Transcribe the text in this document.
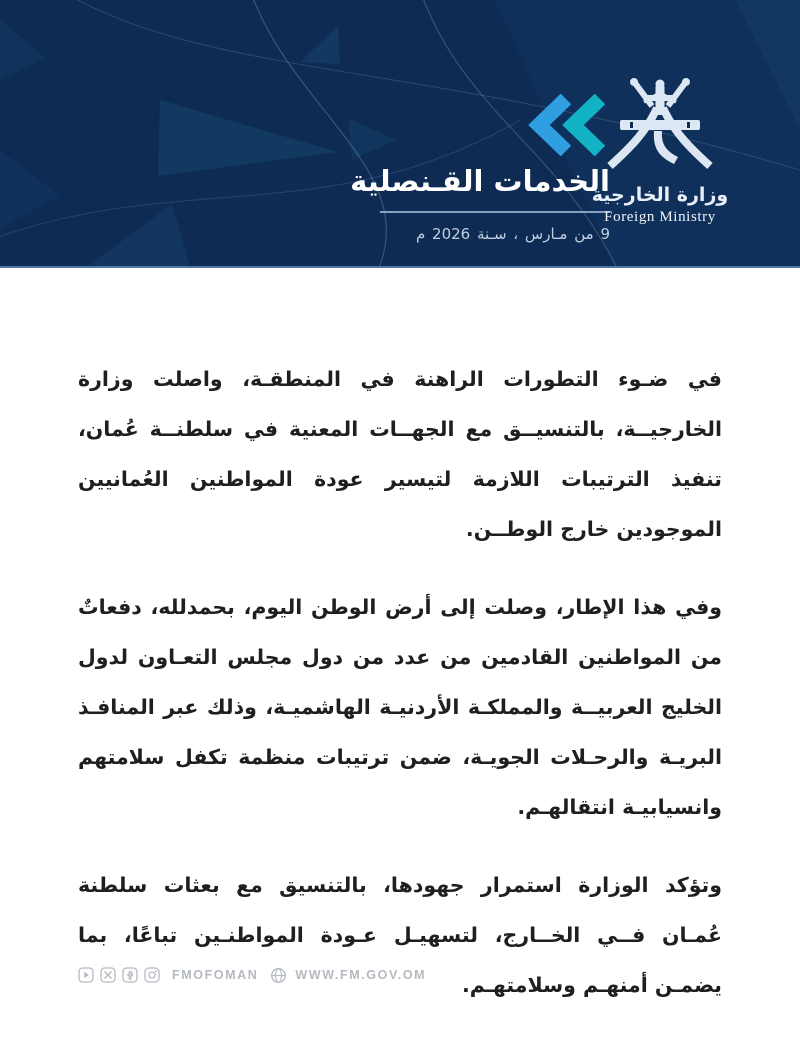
الخدمات القـنصلية
9 من مـارس ، سـنة 2026 م
وزارة الخارجية
Foreign Ministry

في ضـوء التطورات الراهنة في المنطقـة، واصلت وزارة الخارجيــة، بالتنسيــق مع الجهــات المعنية في سلطنــة عُمان، تنفيذ الترتيبات اللازمة لتيسير عودة المواطنين العُمانيين الموجودين خارج الوطــن.

وفي هذا الإطار، وصلت إلى أرض الوطن اليوم، بحمدلله، دفعاتٌ من المواطنين القادمين من عدد من دول مجلس التعـاون لدول الخليج العربيــة والمملكـة الأردنيـة الهاشميـة، وذلك عبر المنافـذ البريـة والرحـلات الجويـة، ضمن ترتيبات منظمة تكفل سلامتهم وانسيابيـة انتقالهـم.

وتؤكد الوزارة استمرار جهودها، بالتنسيق مع بعثات سلطنة عُمـان فــي الخــارج، لتسهيـل عـودة المواطنـين تباعًا، بما يضمـن أمنهـم وسلامتهـم.

FMOFOMAN	WWW.FM.GOV.OM
